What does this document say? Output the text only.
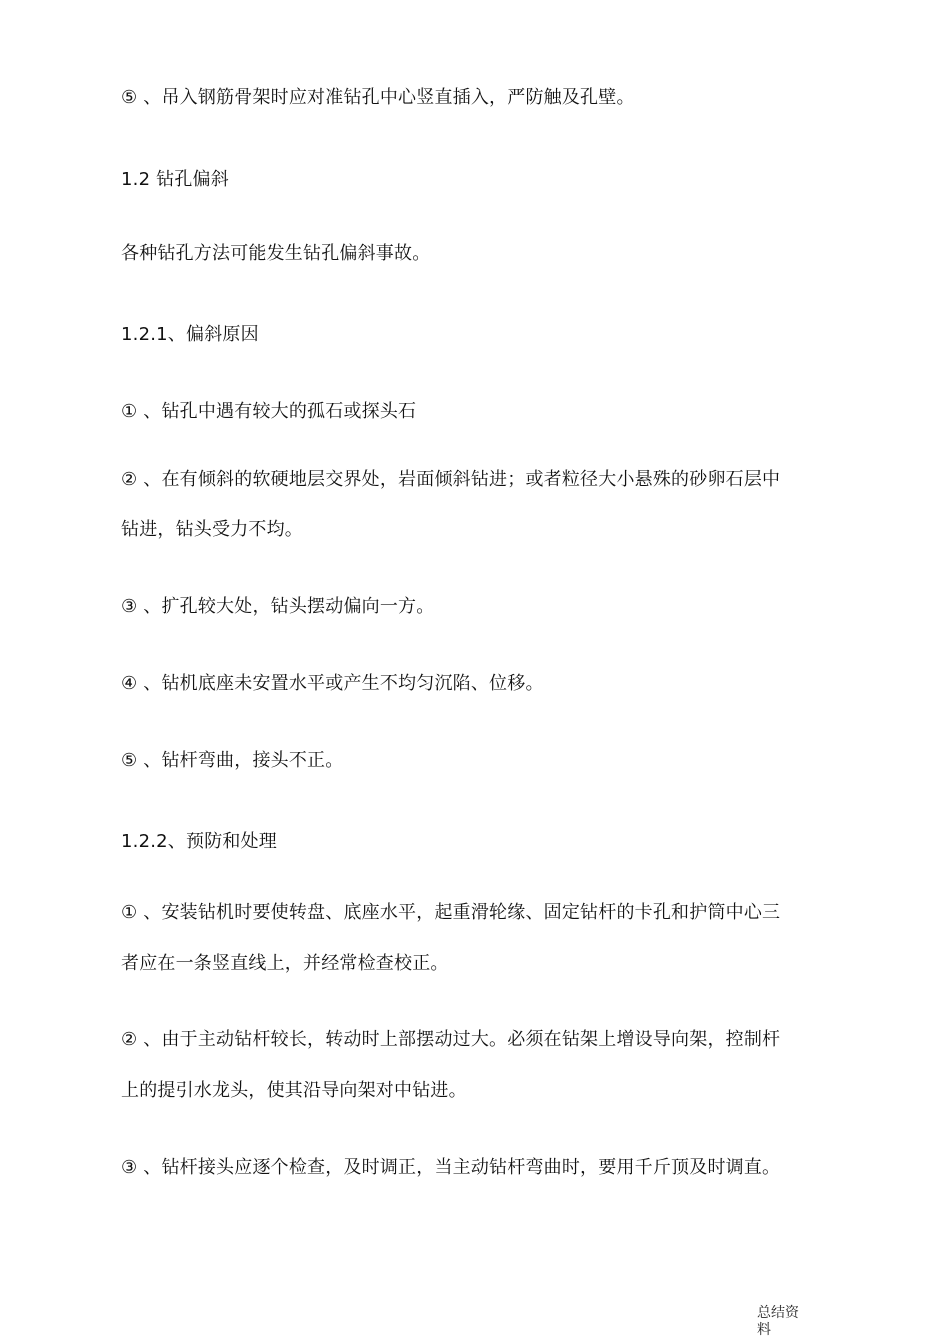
⑤ 、吊入钢筋骨架时应对准钻孔中心竖直插入，严防触及孔壁。
1.2 钻孔偏斜
各种钻孔方法可能发生钻孔偏斜事故。
1.2.1、偏斜原因
① 、钻孔中遇有较大的孤石或探头石
② 、在有倾斜的软硬地层交界处，岩面倾斜钻进；或者粒径大小悬殊的砂卵石层中
钻进，钻头受力不均。
③ 、扩孔较大处，钻头摆动偏向一方。
④ 、钻机底座未安置水平或产生不均匀沉陷、位移。
⑤ 、钻杆弯曲，接头不正。
1.2.2、预防和处理
① 、安装钻机时要使转盘、底座水平，起重滑轮缘、固定钻杆的卡孔和护筒中心三
者应在一条竖直线上，并经常检查校正。
② 、由于主动钻杆较长，转动时上部摆动过大。必须在钻架上增设导向架，控制杆
上的提引水龙头，使其沿导向架对中钻进。
③ 、钻杆接头应逐个检查，及时调正，当主动钻杆弯曲时，要用千斤顶及时调直。
总结资料
